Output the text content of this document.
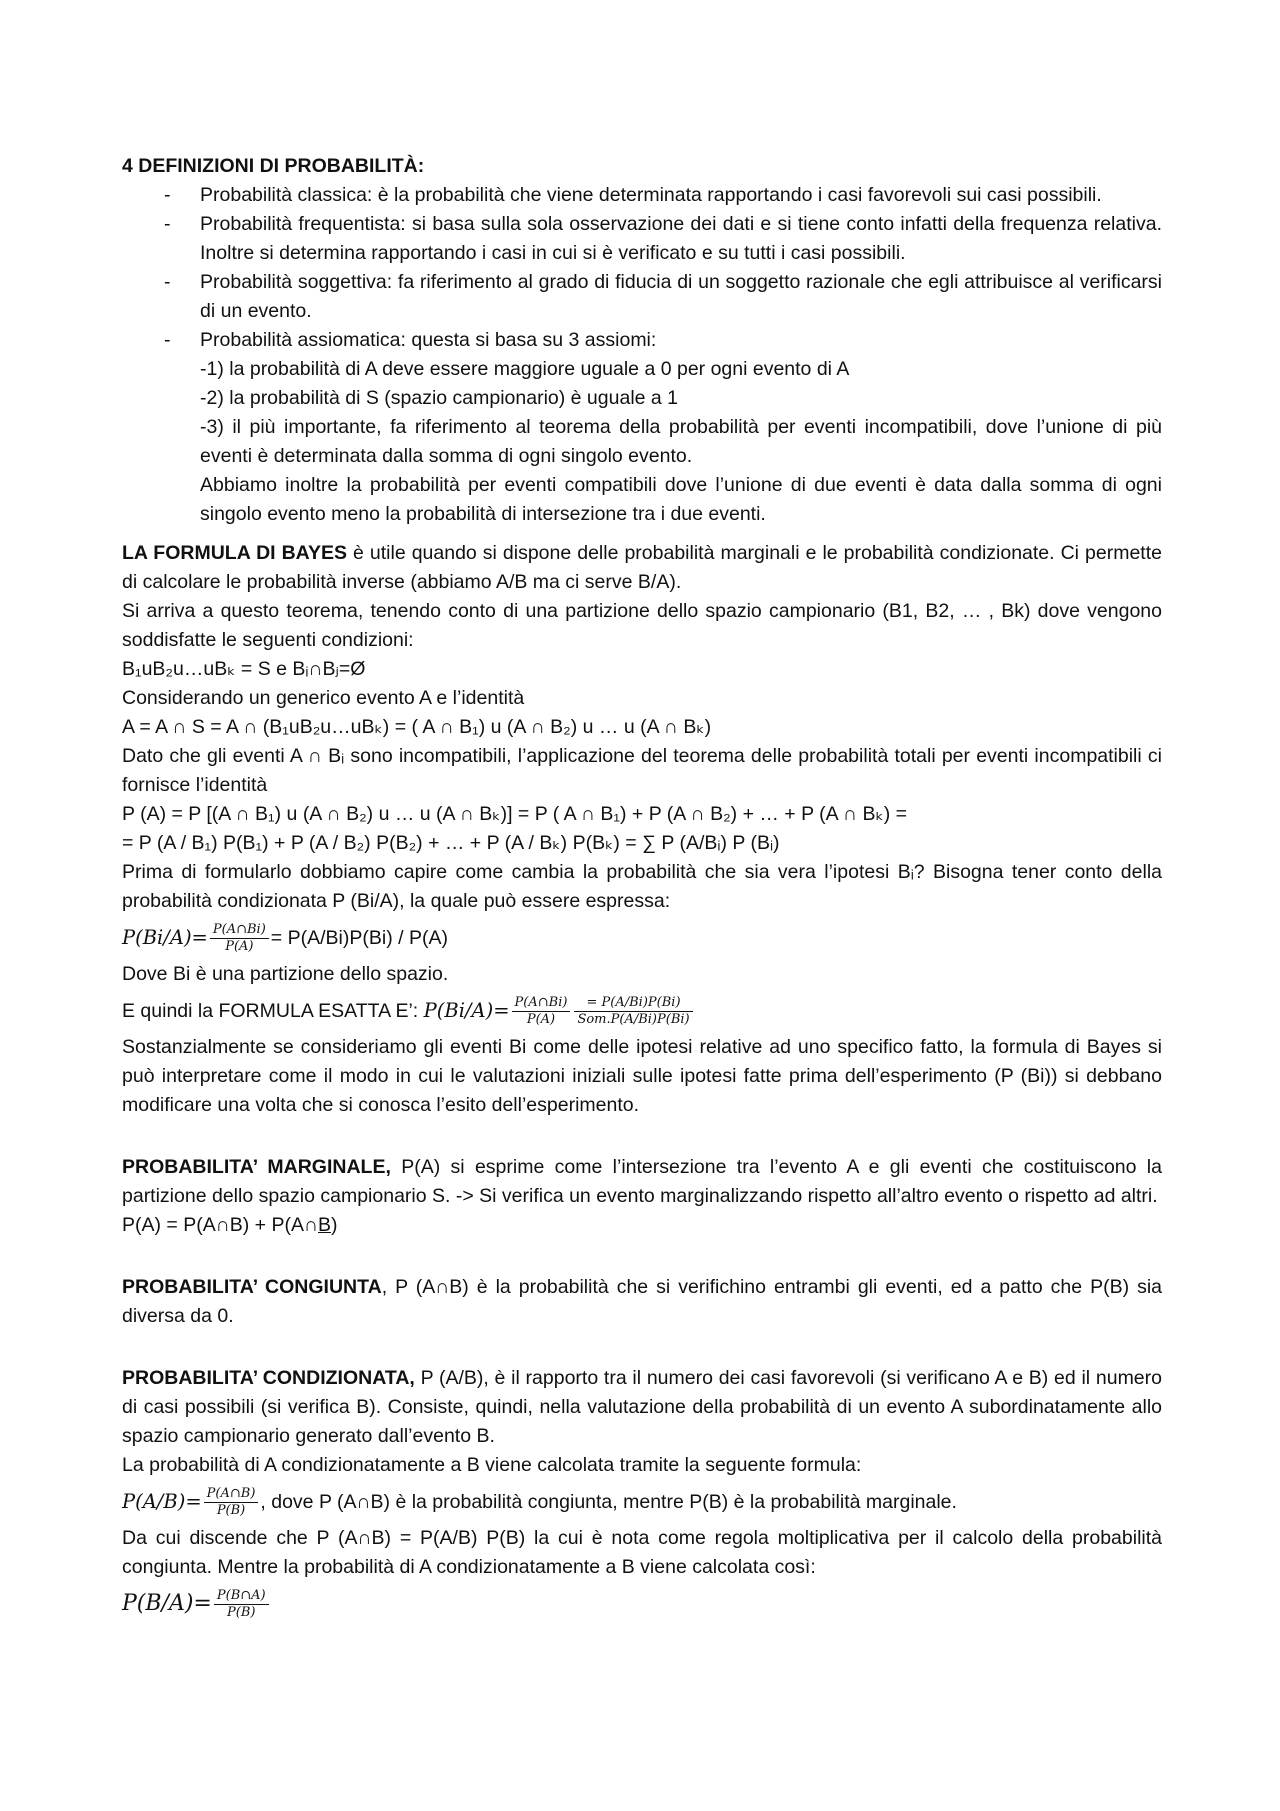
4 DEFINIZIONI DI PROBABILITÀ:
- Probabilità classica: è la probabilità che viene determinata rapportando i casi favorevoli sui casi possibili.
- Probabilità frequentista: si basa sulla sola osservazione dei dati e si tiene conto infatti della frequenza relativa. Inoltre si determina rapportando i casi in cui si è verificato e su tutti i casi possibili.
- Probabilità soggettiva: fa riferimento al grado di fiducia di un soggetto razionale che egli attribuisce al verificarsi di un evento.
- Probabilità assiomatica: questa si basa su 3 assiomi:
-1) la probabilità di A deve essere maggiore uguale a 0 per ogni evento di A
-2) la probabilità di S (spazio campionario) è uguale a 1
-3) il più importante, fa riferimento al teorema della probabilità per eventi incompatibili, dove l’unione di più eventi è determinata dalla somma di ogni singolo evento.
Abbiamo inoltre la probabilità per eventi compatibili dove l’unione di due eventi è data dalla somma di ogni singolo evento meno la probabilità di intersezione tra i due eventi.
LA FORMULA DI BAYES è utile quando si dispone delle probabilità marginali e le probabilità condizionate. Ci permette di calcolare le probabilità inverse (abbiamo A/B ma ci serve B/A).
Si arriva a questo teorema, tenendo conto di una partizione dello spazio campionario (B1, B2, … , Bk) dove vengono soddisfatte le seguenti condizioni:
B₁uB₂u…uBₖ = S e Bᵢ∩Bⱼ=Ø
Considerando un generico evento A e l’identità
A = A ∩ S = A ∩ (B₁uB₂u…uBₖ) = ( A ∩ B₁) u (A ∩ B₂) u … u (A ∩ Bₖ)
Dato che gli eventi A ∩ Bᵢ sono incompatibili, l’applicazione del teorema delle probabilità totali per eventi incompatibili ci fornisce l’identità
P (A) = P [(A ∩ B₁) u (A ∩ B₂) u … u (A ∩ Bₖ)] = P ( A ∩ B₁) + P (A ∩ B₂) + … + P (A ∩ Bₖ) =
= P (A / B₁) P(B₁) + P (A / B₂) P(B₂) + … + P (A / Bₖ) P(Bₖ) = ∑ P (A/Bᵢ) P (Bᵢ)
Prima di formularlo dobbiamo capire come cambia la probabilità che sia vera l’ipotesi Bᵢ? Bisogna tener conto della probabilità condizionata P (Bi/A), la quale può essere espressa:
$P(Bi/A)= \frac{P(A\cap Bi)}{P(A)} = P(A/Bi)P(Bi) / P(A)$
Dove Bi è una partizione dello spazio.
E quindi la FORMULA ESATTA E’: $P(Bi/A)= \frac{P(A\cap Bi)}{P(A)} \frac{= P(A/Bi)P(Bi)}{\text{Som.P(A/Bi)P(Bi)}}$
Sostanzialmente se consideriamo gli eventi Bi come delle ipotesi relative ad uno specifico fatto, la formula di Bayes si può interpretare come il modo in cui le valutazioni iniziali sulle ipotesi fatte prima dell’esperimento (P (Bi)) si debbano modificare una volta che si conosca l’esito dell’esperimento.
PROBABILITA’ MARGINALE, P(A) si esprime come l’intersezione tra l’evento A e gli eventi che costituiscono la partizione dello spazio campionario S. -> Si verifica un evento marginalizzando rispetto all’altro evento o rispetto ad altri.
P(A) = P(A∩B) + P(A∩B)
PROBABILITA’ CONGIUNTA, P (A∩B) è la probabilità che si verifichino entrambi gli eventi, ed a patto che P(B) sia diversa da 0.
PROBABILITA’ CONDIZIONATA, P (A/B), è il rapporto tra il numero dei casi favorevoli (si verificano A e B) ed il numero di casi possibili (si verifica B). Consiste, quindi, nella valutazione della probabilità di un evento A subordinatamente allo spazio campionario generato dall’evento B.
La probabilità di A condizionatamente a B viene calcolata tramite la seguente formula:
$P(A/B)= \frac{P(A\cap B)}{P(B)}$ , dove P (A∩B) è la probabilità congiunta, mentre P(B) è la probabilità marginale.
Da cui discende che P (A∩B) = P(A/B) P(B) la cui è nota come regola moltiplicativa per il calcolo della probabilità congiunta. Mentre la probabilità di A condizionatamente a B viene calcolata così:
$P(B/A)= \frac{P(B\cap A)}{P(B)}$
